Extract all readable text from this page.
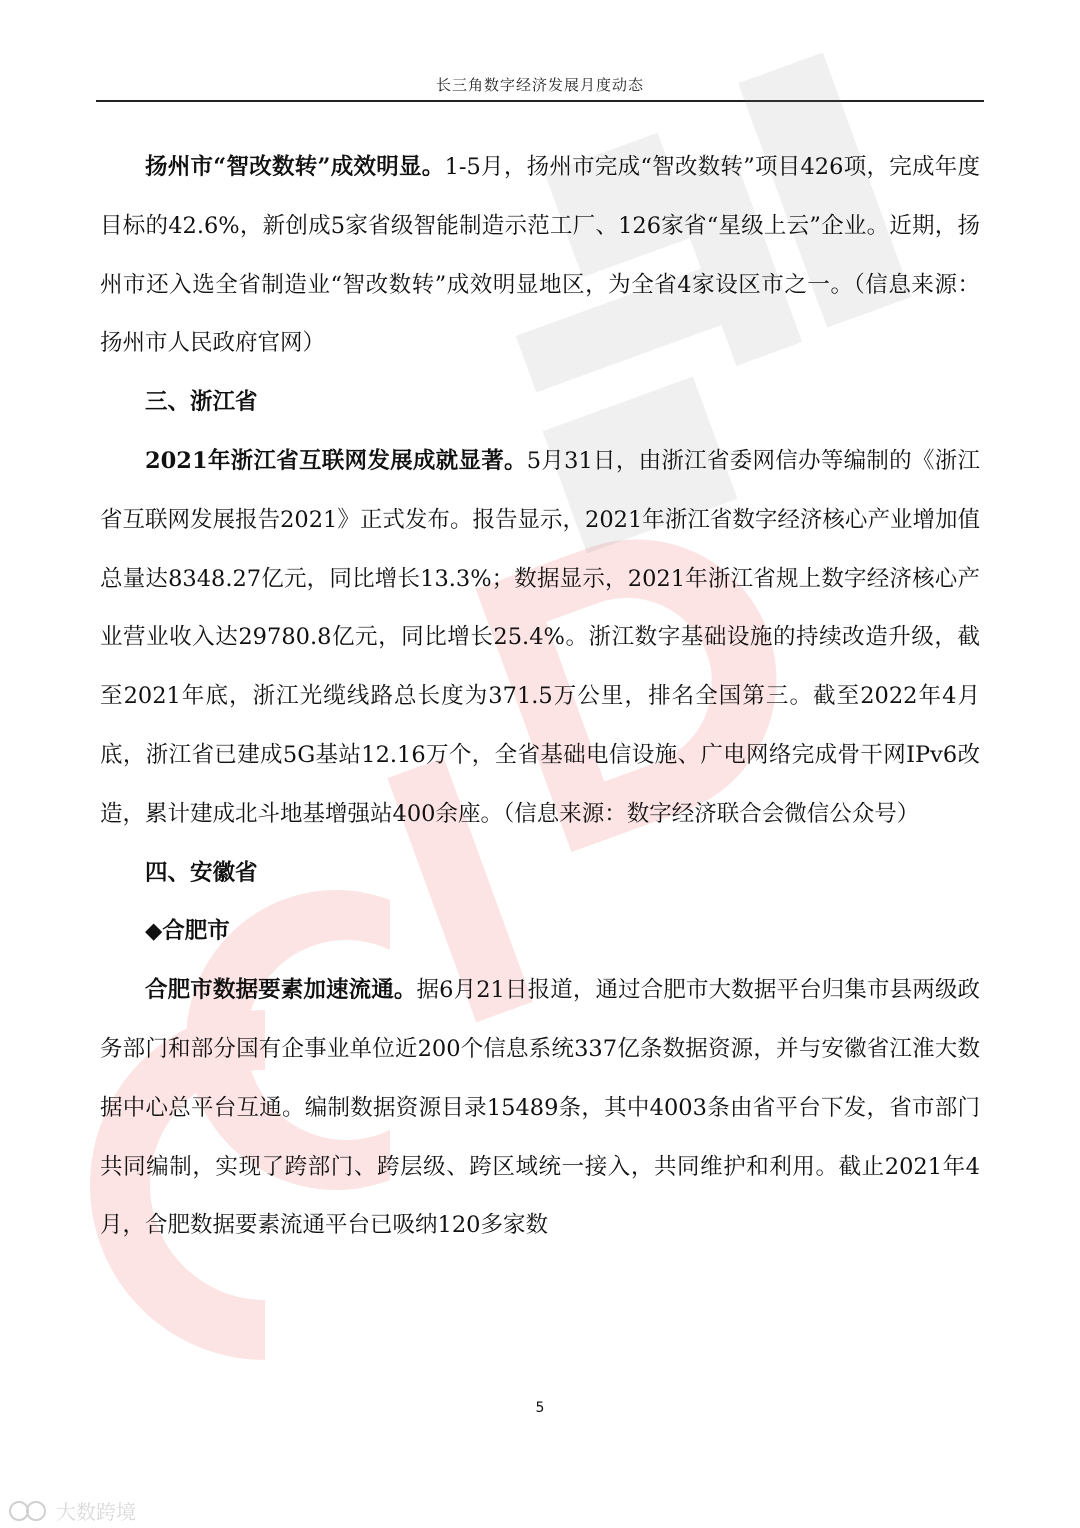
长三角数字经济发展月度动态

扬州市“智改数转”成效明显。1-5月，扬州市完成“智改数转”项目426项，完成年度目标的42.6%，新创成5家省级智能制造示范工厂、126家省“星级上云”企业。近期，扬州市还入选全省制造业“智改数转”成效明显地区，为全省4家设区市之一。（信息来源：扬州市人民政府官网）

三、浙江省

2021年浙江省互联网发展成就显著。5月31日，由浙江省委网信办等编制的《浙江省互联网发展报告2021》正式发布。报告显示，2021年浙江省数字经济核心产业增加值总量达8348.27亿元，同比增长13.3%；数据显示，2021年浙江省规上数字经济核心产业营业收入达29780.8亿元，同比增长25.4%。浙江数字基础设施的持续改造升级，截至2021年底，浙江光缆线路总长度为371.5万公里，排名全国第三。截至2022年4月底，浙江省已建成5G基站12.16万个，全省基础电信设施、广电网络完成骨干网IPv6改造，累计建成北斗地基增强站400余座。（信息来源：数字经济联合会微信公众号）

四、安徽省

◆合肥市

合肥市数据要素加速流通。据6月21日报道，通过合肥市大数据平台归集市县两级政务部门和部分国有企事业单位近200个信息系统337亿条数据资源，并与安徽省江淮大数据中心总平台互通。编制数据资源目录15489条，其中4003条由省平台下发，省市部门共同编制，实现了跨部门、跨层级、跨区域统一接入，共同维护和利用。截止2021年4月，合肥数据要素流通平台已吸纳120多家数

5
大数跨境
